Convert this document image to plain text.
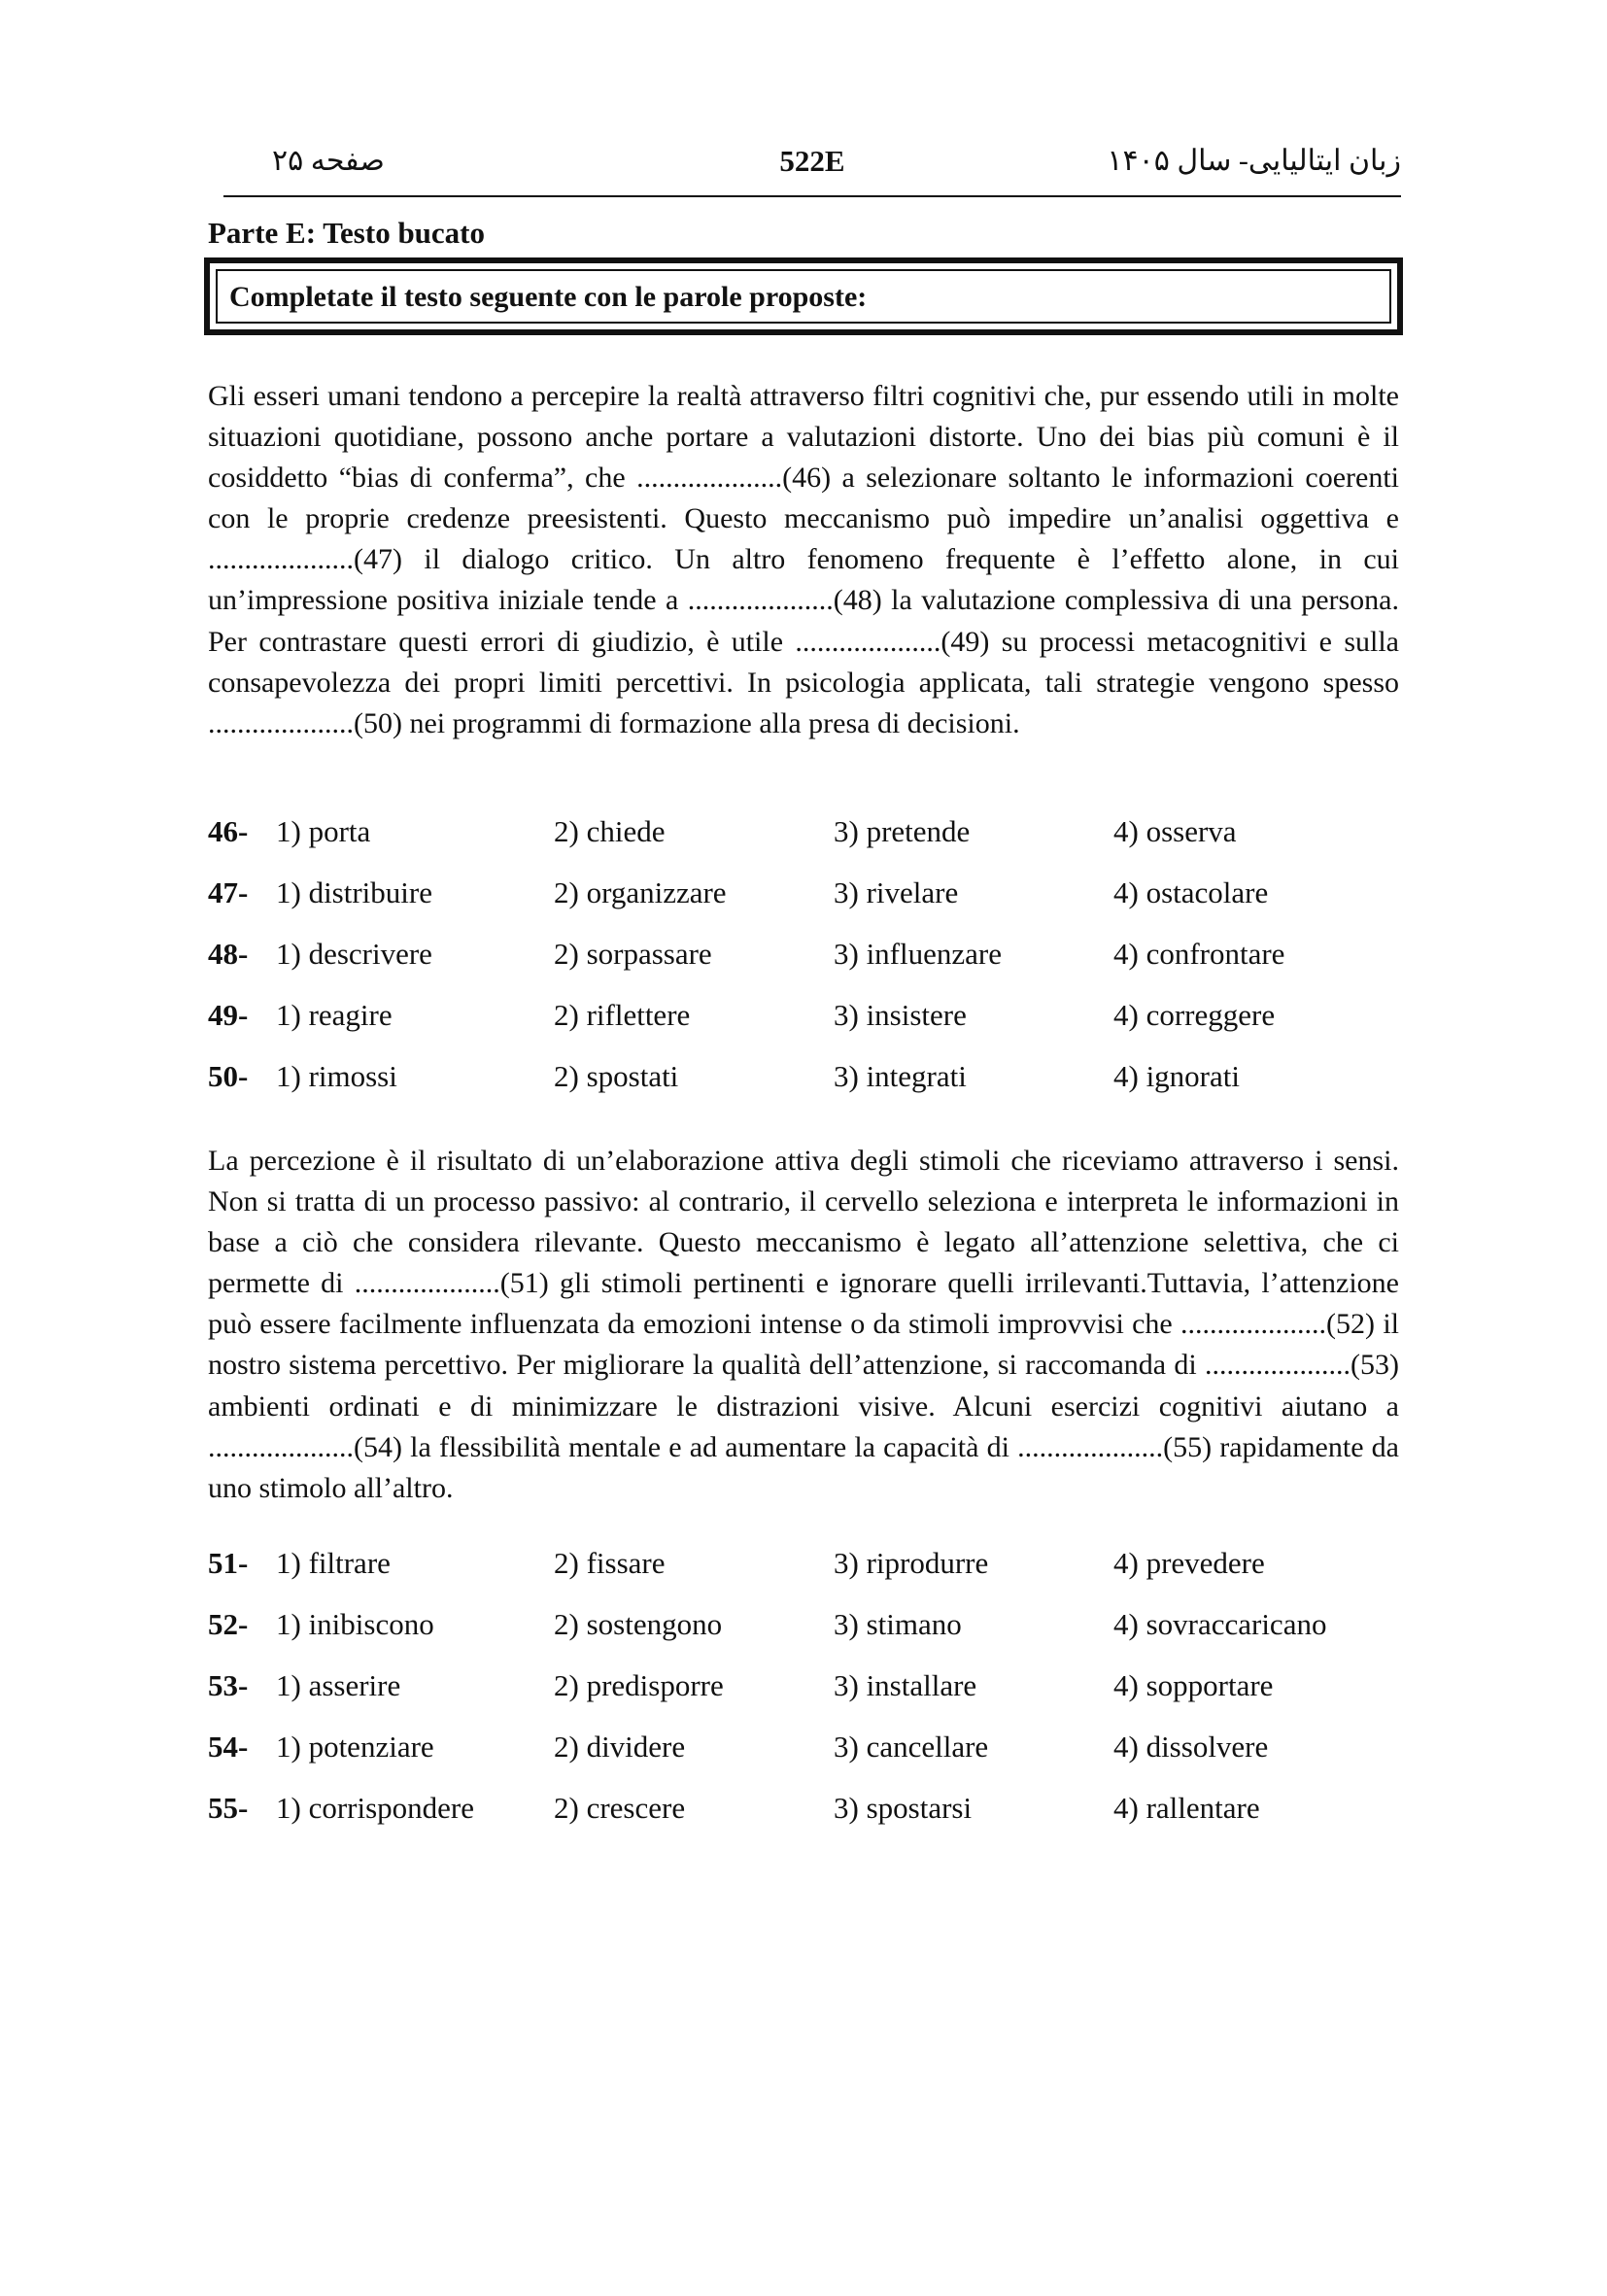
صفحه ۲۵	522E	زبان ایتالیایی- سال ۱۴۰۵
Parte E: Testo bucato
Completate il testo seguente con le parole proposte:

Gli esseri umani tendono a percepire la realtà attraverso filtri cognitivi che, pur essendo utili in molte situazioni quotidiane, possono anche portare a valutazioni distorte. Uno dei bias più comuni è il cosiddetto “bias di conferma”, che ....................(46) a selezionare soltanto le informazioni coerenti con le proprie credenze preesistenti. Questo meccanismo può impedire un’analisi oggettiva e ....................(47) il dialogo critico. Un altro fenomeno frequente è l’effetto alone, in cui un’impressione positiva iniziale tende a ....................(48) la valutazione complessiva di una persona. Per contrastare questi errori di giudizio, è utile ....................(49) su processi metacognitivi e sulla consapevolezza dei propri limiti percettivi. In psicologia applicata, tali strategie vengono spesso ....................(50) nei programmi di formazione alla presa di decisioni.

46- 1) porta	2) chiede	3) pretende	4) osserva
47- 1) distribuire	2) organizzare	3) rivelare	4) ostacolare
48- 1) descrivere	2) sorpassare	3) influenzare	4) confrontare
49- 1) reagire	2) riflettere	3) insistere	4) correggere
50- 1) rimossi	2) spostati	3) integrati	4) ignorati

La percezione è il risultato di un’elaborazione attiva degli stimoli che riceviamo attraverso i sensi. Non si tratta di un processo passivo: al contrario, il cervello seleziona e interpreta le informazioni in base a ciò che considera rilevante. Questo meccanismo è legato all’attenzione selettiva, che ci permette di ....................(51) gli stimoli pertinenti e ignorare quelli irrilevanti.Tuttavia, l’attenzione può essere facilmente influenzata da emozioni intense o da stimoli improvvisi che ....................(52) il nostro sistema percettivo. Per migliorare la qualità dell’attenzione, si raccomanda di ....................(53) ambienti ordinati e di minimizzare le distrazioni visive. Alcuni esercizi cognitivi aiutano a ....................(54) la flessibilità mentale e ad aumentare la capacità di ....................(55) rapidamente da uno stimolo all’altro.

51- 1) filtrare	2) fissare	3) riprodurre	4) prevedere
52- 1) inibiscono	2) sostengono	3) stimano	4) sovraccaricano
53- 1) asserire	2) predisporre	3) installare	4) sopportare
54- 1) potenziare	2) dividere	3) cancellare	4) dissolvere
55- 1) corrispondere	2) crescere	3) spostarsi	4) rallentare
